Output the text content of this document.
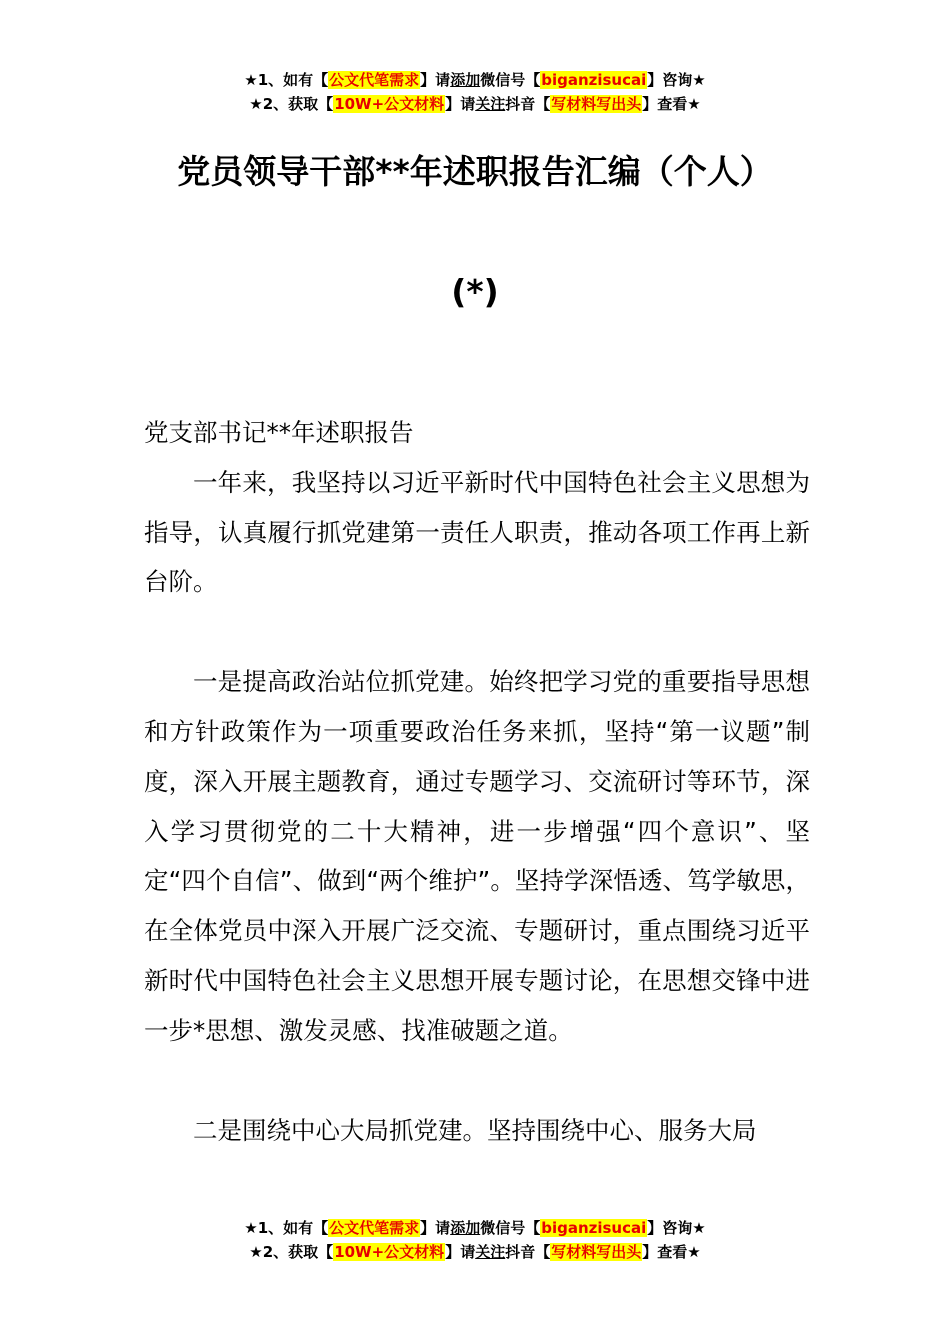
★1、如有【公文代笔需求】请添加微信号【biganzisucai】咨询★
★2、获取【10W+公文材料】请关注抖音【写材料写出头】查看★
党员领导干部**年述职报告汇编（个人）
(*)

党支部书记**年述职报告

一年来，我坚持以习近平新时代中国特色社会主义思想为指导，认真履行抓党建第一责任人职责，推动各项工作再上新台阶。

一是提高政治站位抓党建。始终把学习党的重要指导思想和方针政策作为一项重要政治任务来抓，坚持“第一议题”制度，深入开展主题教育，通过专题学习、交流研讨等环节，深入学习贯彻党的二十大精神，进一步增强“四个意识”、坚定“四个自信”、做到“两个维护”。坚持学深悟透、笃学敏思，在全体党员中深入开展广泛交流、专题研讨，重点围绕习近平新时代中国特色社会主义思想开展专题讨论，在思想交锋中进一步*思想、激发灵感、找准破题之道。

二是围绕中心大局抓党建。坚持围绕中心、服务大局

★1、如有【公文代笔需求】请添加微信号【biganzisucai】咨询★
★2、获取【10W+公文材料】请关注抖音【写材料写出头】查看★
